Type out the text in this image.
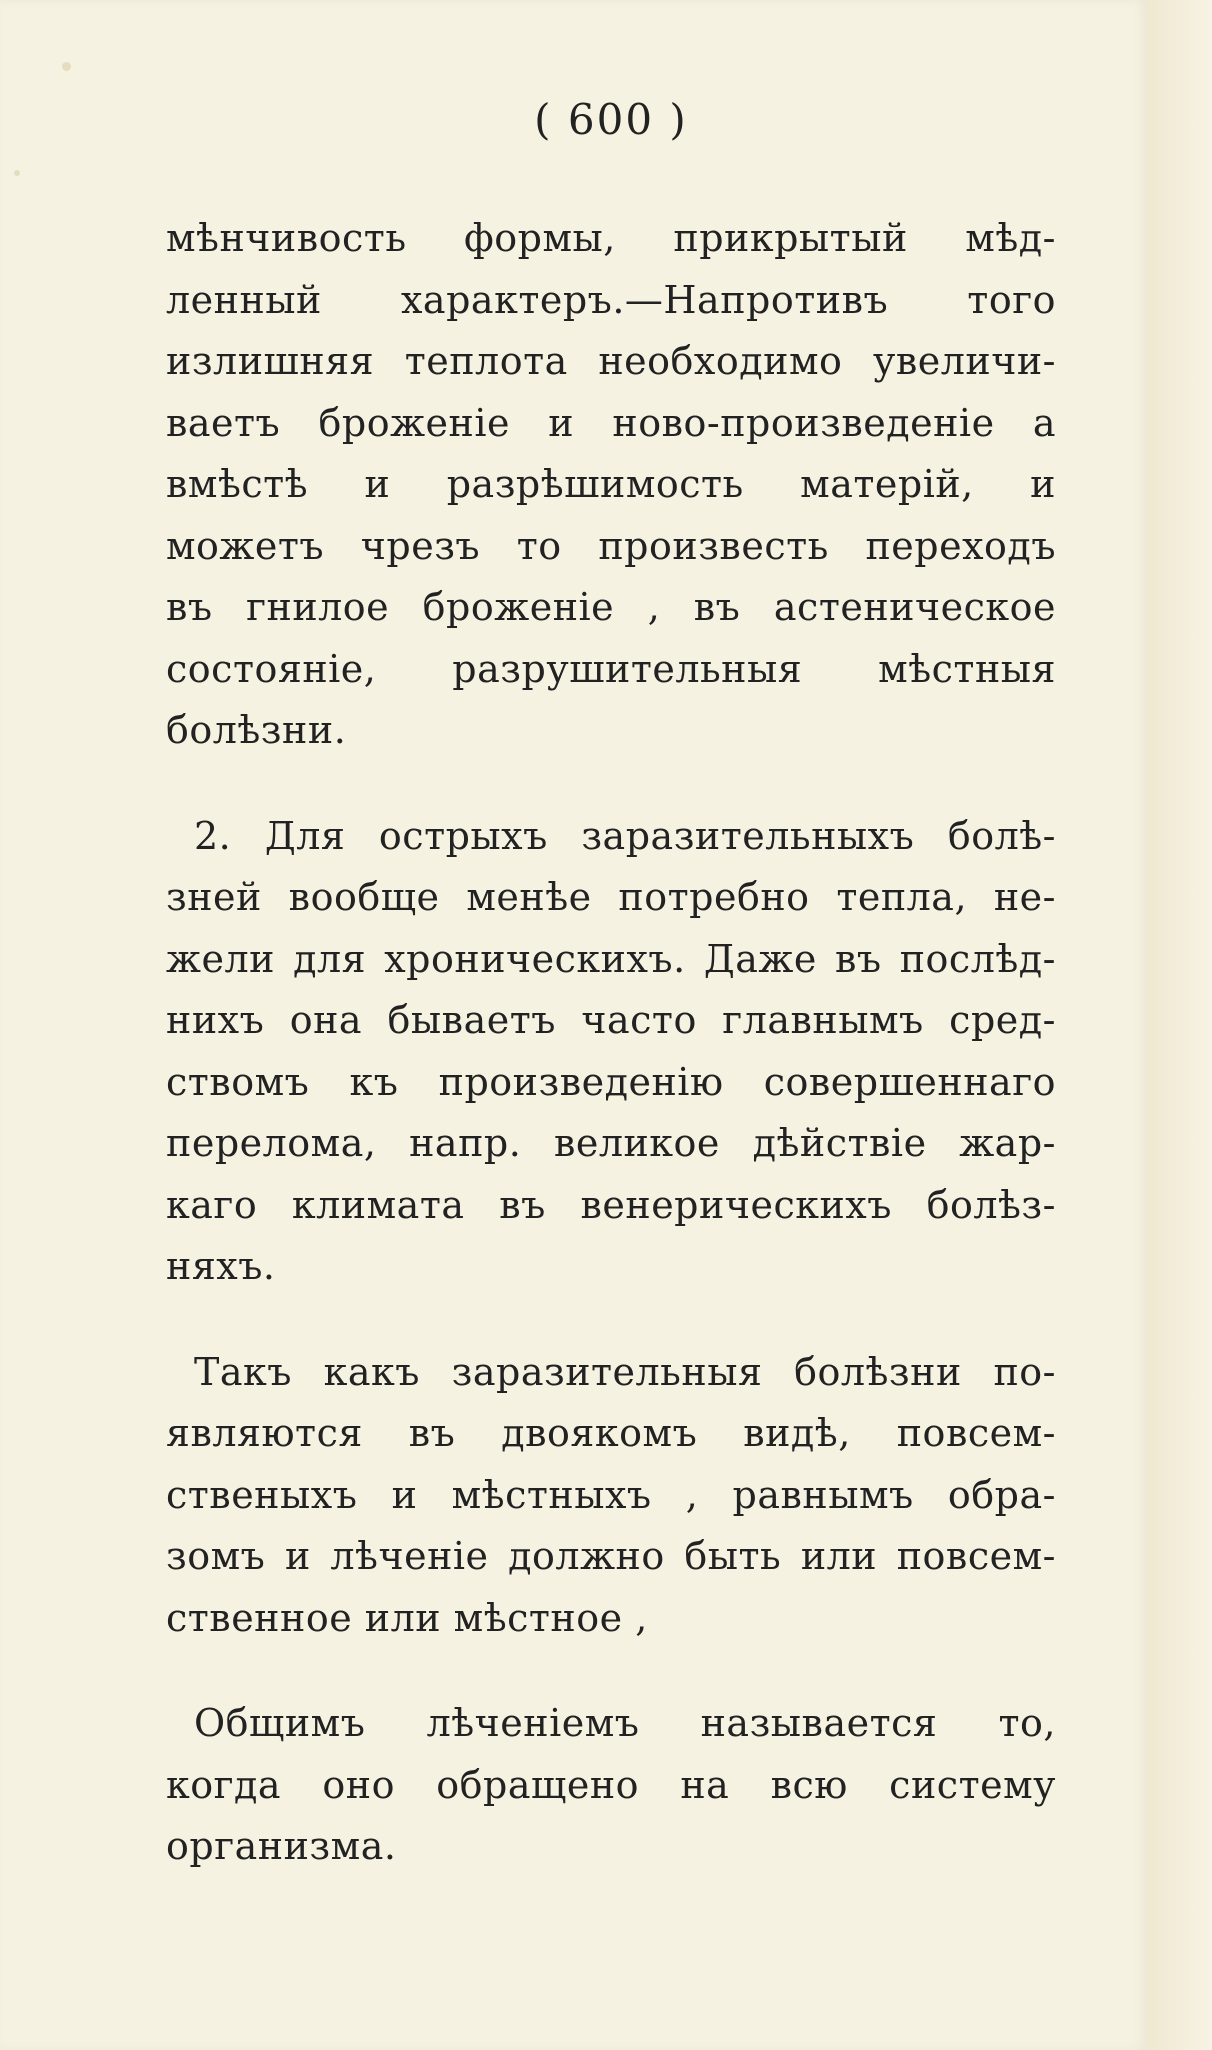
( 600 )
мѣнчивость формы, прикрытый мѣд-
ленный характеръ.—Напротивъ того
излишняя теплота необходимо увеличи-
ваетъ броженіе и ново-произведеніе а
вмѣстѣ и разрѣшимость матерій, и
можетъ чрезъ то произвесть переходъ
въ гнилое броженіе , въ астеническое
состояніе, разрушительныя мѣстныя
болѣзни.
2. Для острыхъ заразительныхъ болѣ-
зней вообще менѣе потребно тепла, не-
жели для хроническихъ. Даже въ послѣд-
нихъ она бываетъ часто главнымъ сред-
ствомъ къ произведенію совершеннаго
перелома, напр. великое дѣйствіе жар-
каго климата въ венерическихъ болѣз-
няхъ.
Такъ какъ заразительныя болѣзни по-
являются въ двоякомъ видѣ, повсем-
ственыхъ и мѣстныхъ , равнымъ обра-
зомъ и лѣченіе должно быть или повсем-
ственное или мѣстное ,
Общимъ лѣченіемъ называется то,
когда оно обращено на всю систему
организма.
